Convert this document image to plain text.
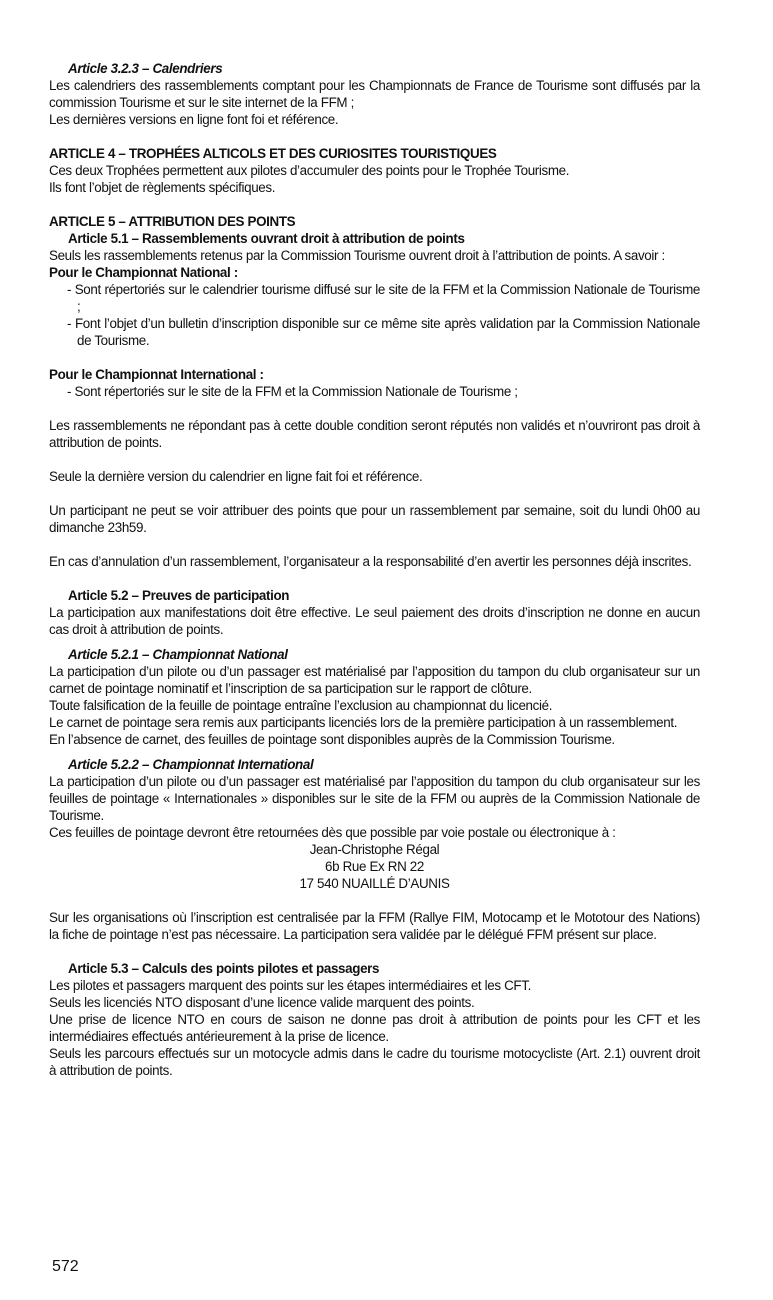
Article 3.2.3 – Calendriers

Les calendriers des rassemblements comptant pour les Championnats de France de Tourisme sont diffusés par la commission Tourisme et sur le site internet de la FFM ;

Les dernières versions en ligne font foi et référence.

ARTICLE 4 – TROPHÉES ALTICOLS ET DES CURIOSITES TOURISTIQUES

Ces deux Trophées permettent aux pilotes d’accumuler des points pour le Trophée Tourisme.

Ils font l’objet de règlements spécifiques.

ARTICLE 5 – ATTRIBUTION DES POINTS
Article 5.1 – Rassemblements ouvrant droit à attribution de points

Seuls les rassemblements retenus par la Commission Tourisme ouvrent droit à l’attribution de points. A savoir :

Pour le Championnat National :
- Sont répertoriés sur le calendrier tourisme diffusé sur le site de la FFM et la Commission Nationale de Tourisme ;
- Font l’objet d’un bulletin d’inscription disponible sur ce même site après validation par la Commission Nationale de Tourisme.
Pour le Championnat International :
- Sont répertoriés sur le site de la FFM et la Commission Nationale de Tourisme ;

Les rassemblements ne répondant pas à cette double condition seront réputés non validés et n’ouvriront pas droit à attribution de points.

Seule la dernière version du calendrier en ligne fait foi et référence.

Un participant ne peut se voir attribuer des points que pour un rassemblement par semaine, soit du lundi 0h00 au dimanche 23h59.

En cas d’annulation d’un rassemblement, l’organisateur a la responsabilité d’en avertir les personnes déjà inscrites.

Article 5.2 – Preuves de participation

La participation aux manifestations doit être effective. Le seul paiement des droits d’inscription ne donne en aucun cas droit à attribution de points.

Article 5.2.1 – Championnat National

La participation d’un pilote ou d’un passager est matérialisé par l’apposition du tampon du club organisateur sur un carnet de pointage nominatif et l’inscription de sa participation sur le rapport de clôture.

Toute falsification de la feuille de pointage entraîne l’exclusion au championnat du licencié.

Le carnet de pointage sera remis aux participants licenciés lors de la première participation à un rassemblement.

En l’absence de carnet, des feuilles de pointage sont disponibles auprès de la Commission Tourisme.

Article 5.2.2 – Championnat International

La participation d’un pilote ou d’un passager est matérialisé par l’apposition du tampon du club organisateur sur les feuilles de pointage « Internationales » disponibles sur le site de la FFM ou auprès de la Commission Nationale de Tourisme.

Ces feuilles de pointage devront être retournées dès que possible par voie postale ou électronique à :

Jean-Christophe Régal
6b Rue Ex RN 22
17 540 NUAILLÉ D’AUNIS

Sur les organisations où l’inscription est centralisée par la FFM (Rallye FIM, Motocamp et le Mototour des Nations) la fiche de pointage n’est pas nécessaire. La participation sera validée par le délégué FFM présent sur place.

Article 5.3 – Calculs des points pilotes et passagers

Les pilotes et passagers marquent des points sur les étapes intermédiaires et les CFT.

Seuls les licenciés NTO disposant d’une licence valide marquent des points.

Une prise de licence NTO en cours de saison ne donne pas droit à attribution de points pour les CFT et les intermédiaires effectués antérieurement à la prise de licence.

Seuls les parcours effectués sur un motocycle admis dans le cadre du tourisme motocycliste (Art. 2.1) ouvrent droit à attribution de points.

572
